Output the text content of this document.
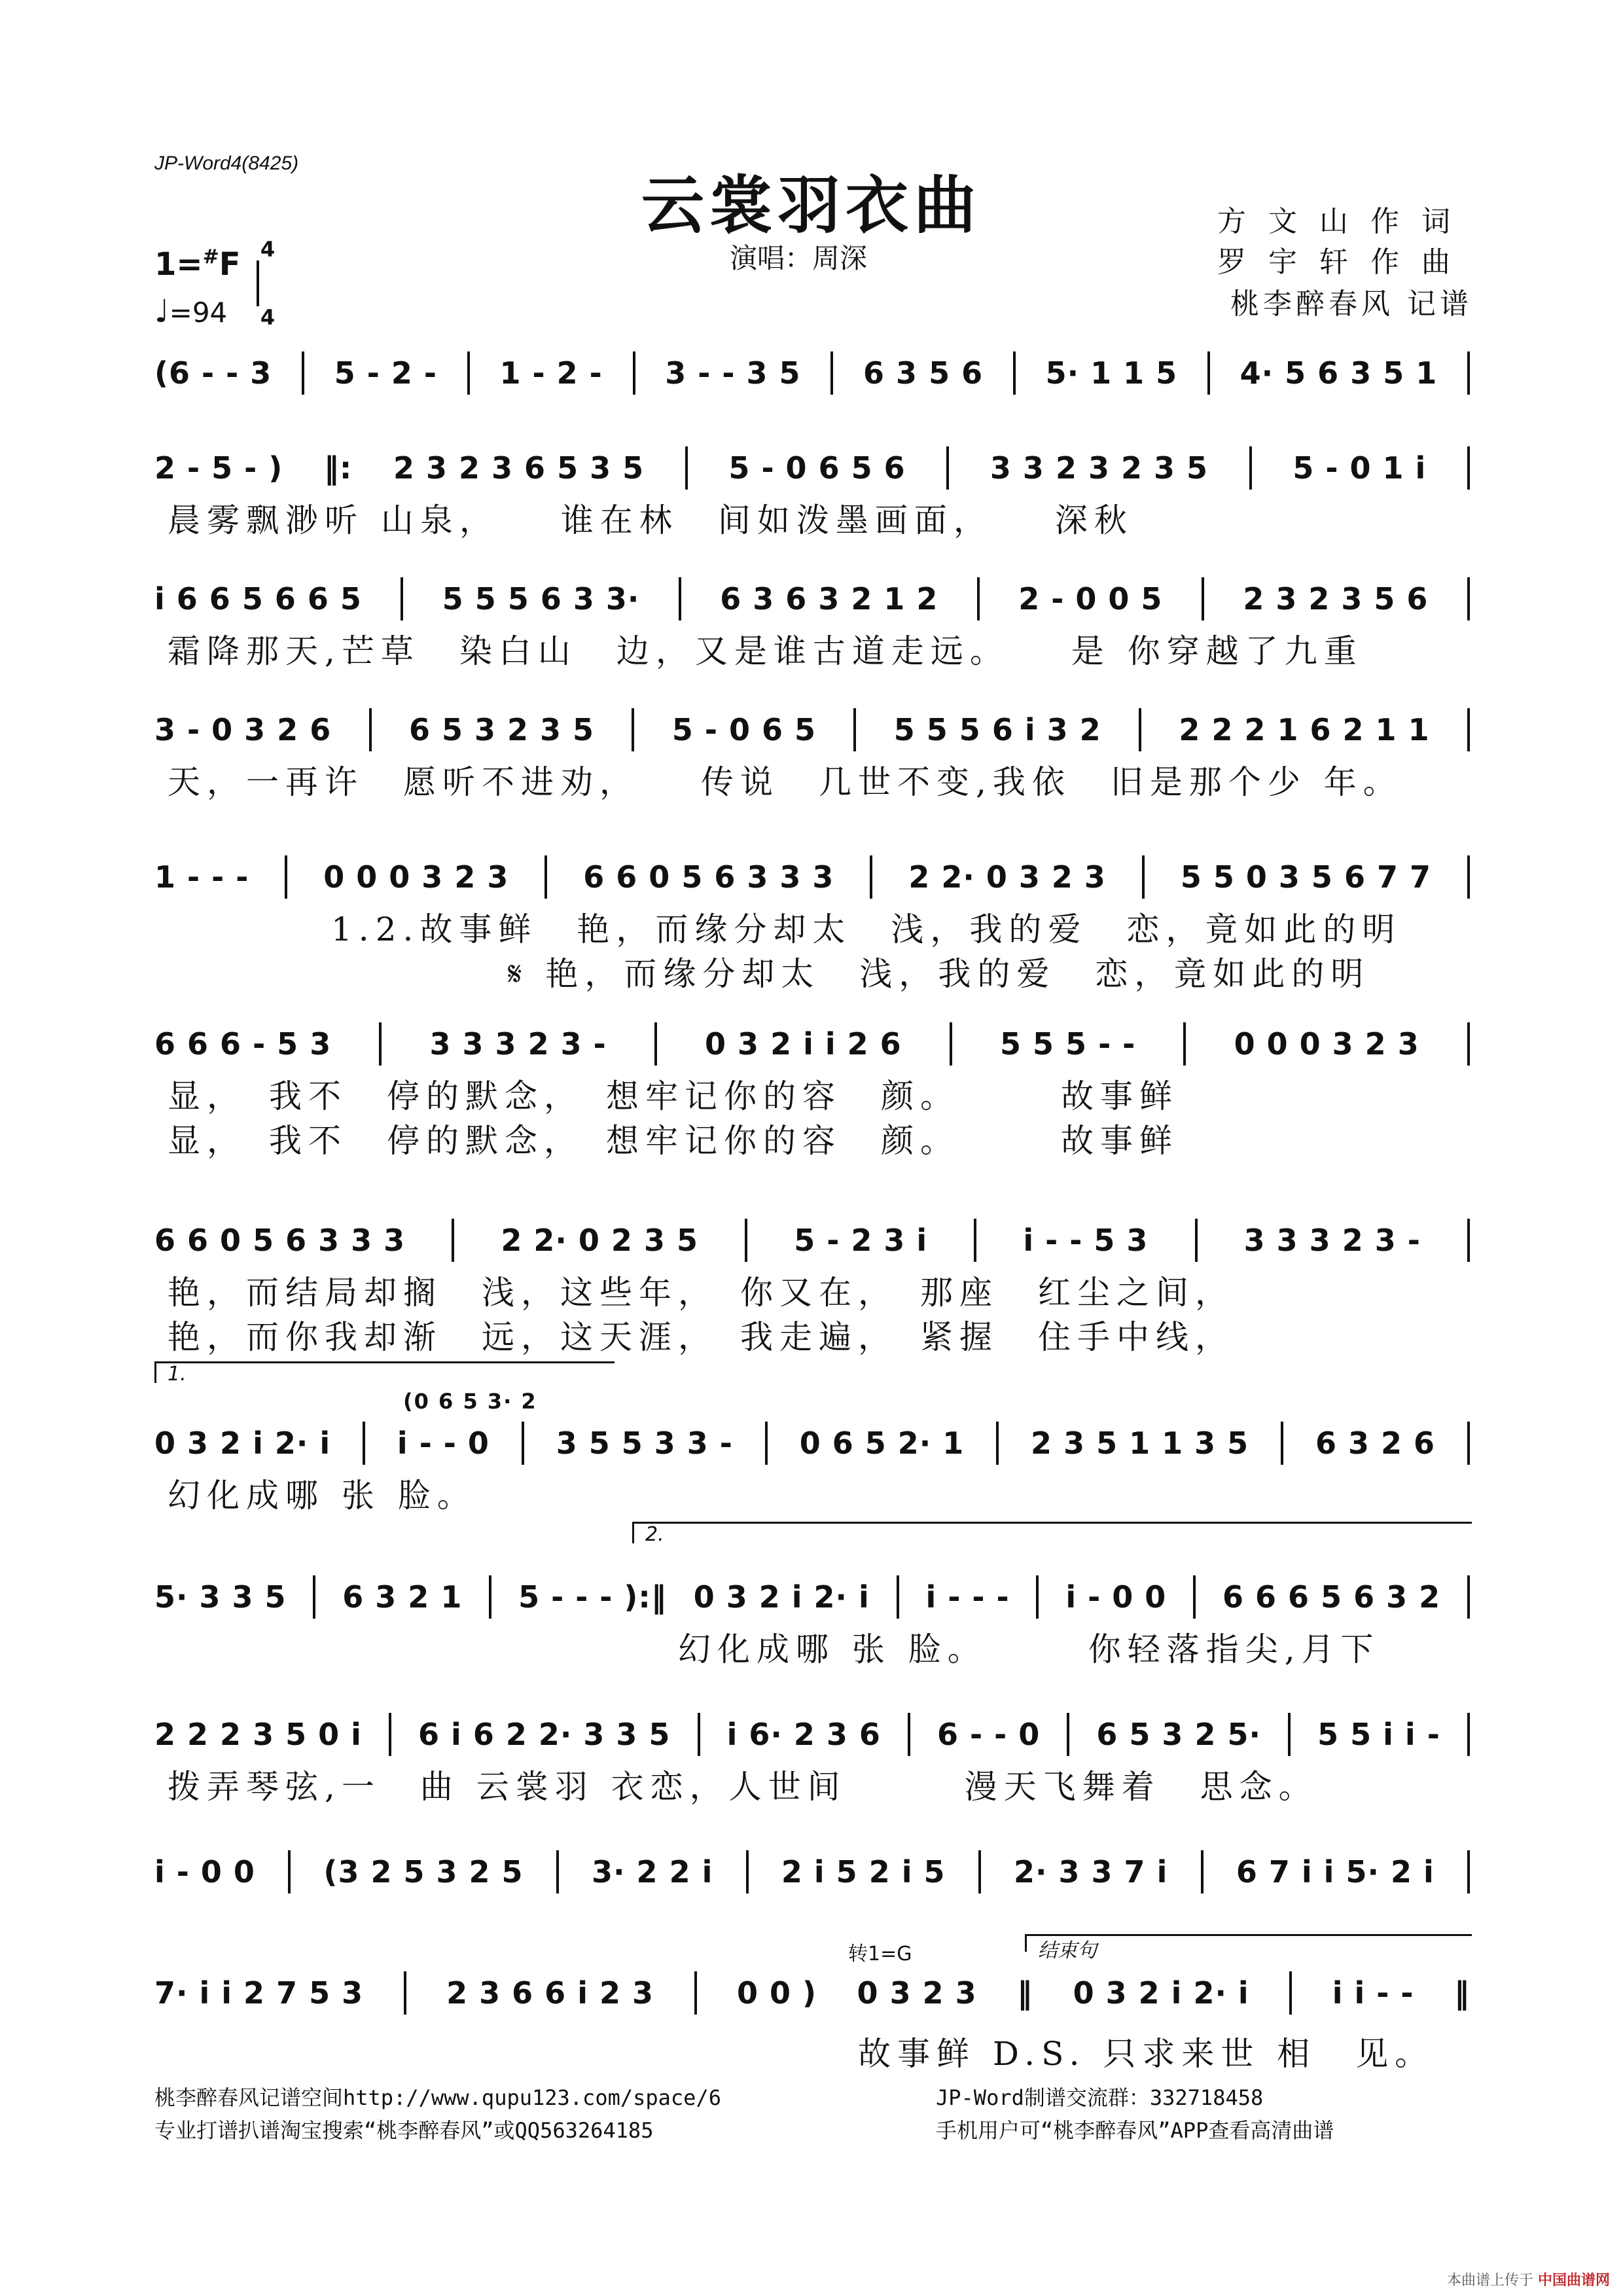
JP-Word4(8425)
云裳羽衣曲
演唱：周深
方文山作词
罗宇轩作曲
桃李醉春风 记谱
1=#F 4
4
♩=94
(6 - - 3 5 - 2 - 1 - 2 - 3 - - 3 5 6 3 5 6 5· 1 1 5 4· 5 6 3 5 1
2 - 5 - ) ‖: 2 3 2 3 6 5 3 5	5 - 0 6 5 6	3 3 2 3 2 3 5	5 - 0 1 i
晨雾飘渺听 山泉，　　谁在林　间如泼墨画面，　　深秋
i 6 6 5 6 6 5	5 5 5 6 3 3·	6 3 6 3 2 1 2	2 - 0 0 5	2 3 2 3 5 6
霜降那天,芒草　染白山　边，又是谁古道走远。　　是 你穿越了九重
3 - 0 3 2 6	6 5 3 2 3 5	5 - 0 6 5	5 5 5 6 i 3 2	2 2 2 1 6 2 1 1
天，一再许　愿听不进劝，　　传说　几世不变,我依　旧是那个少 年。
1 - - - 0 0 0 3 2 3 6 6 0 5 6 3 3 3 2 2· 0 3 2 3 5 5 0 3 5 6 7 7
1.2.故事鲜　艳，而缘分却太　浅，我的爱　恋，竟如此的明
𝄋 艳，而缘分却太　浅，我的爱　恋，竟如此的明
6 6 6 - 5 3	3 3 3 2 3 -	0 3 2 i i 2 6	5 5 5 - -	0 0 0 3 2 3
显，　我不　停的默念，　想牢记你的容　颜。　　　故事鲜
显，　我不　停的默念，　想牢记你的容　颜。　　　故事鲜
6 6 0 5 6 3 3 3	2 2· 0 2 3 5	5 - 2 3 i	i - - 5 3	3 3 3 2 3 -
艳，而结局却搁　浅，这些年，　你又在，　那座　红尘之间，
艳，而你我却渐　远，这天涯，　我走遍，　紧握　住手中线，
0 3 2 i 2· i i - - 0 3 5 5 3 3 - 0 6 5 2· 1 2 3 5 1 1 3 5 6 3 2 6
幻化成哪 张 脸。
(0 6 5 3· 2
1.
5· 3 3 5 6 3 2 1 5 - - - ):‖ 0 3 2 i 2· i i - - - i - 0 0 6 6 6 5 6 3 2
幻化成哪 张 脸。　　　你轻落指尖,月下
2.
2 2 2 3 5 0 i 6 i 6 2 2· 3 3 5 i 6· 2 3 6 6 - - 0 6 5 3 2 5· 5 5 i i -
拨弄琴弦,一　曲 云裳羽 衣恋，人世间　　　漫天飞舞着　思念。
i - 0 0 (3 2 5 3 2 5 3· 2 2 i 2 i 5 2 i 5 2· 3 3 7 i 6 7 i i 5· 2 i
7· i i 2 7 5 3	2 3 6 6 i 2 3	0 0 ) 0 3 2 3 ‖ 0 3 2 i 2· i	i i - - ‖
故事鲜 D.S. 只求来世 相　见。
转1=G	结束句
桃李醉春风记谱空间http://www.qupu123.com/space/6
专业打谱扒谱淘宝搜索“桃李醉春风”或QQ563264185
JP-Word制谱交流群：332718458
手机用户可“桃李醉春风”APP查看高清曲谱
本曲谱上传于 中国曲谱网
